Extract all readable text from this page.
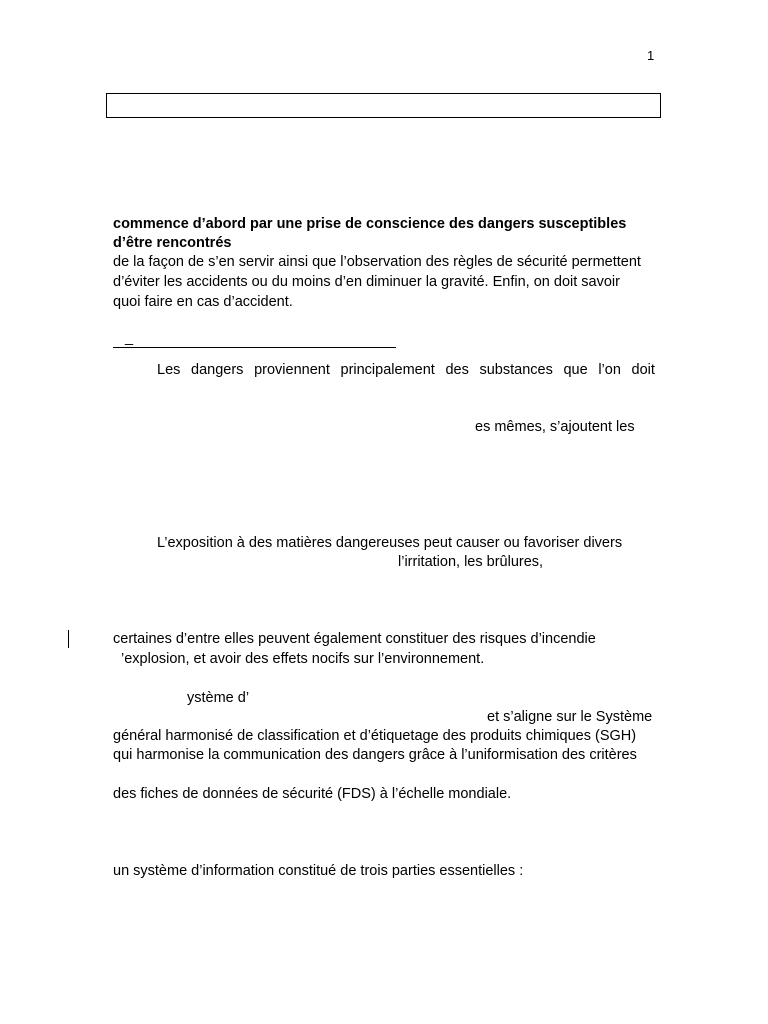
1
commence d’abord par une prise de conscience des dangers susceptibles
d’être rencontrés
de la façon de s’en servir ainsi que l’observation des règles de sécurité permettent
d’éviter les accidents ou du moins d’en diminuer la gravité. Enfin, on doit savoir
quoi faire en cas d’accident.
_
Les dangers proviennent principalement des substances que l’on doit
es mêmes, s’ajoutent les
L’exposition à des matières dangereuses peut causer ou favoriser divers
l’irritation, les brûlures,
certaines d’entre elles peuvent également constituer des risques d’incendie
’explosion, et avoir des effets nocifs sur l’environnement.
ystème d’
et s’aligne sur le Système
général harmonisé de classification et d’étiquetage des produits chimiques (SGH)
qui harmonise la communication des dangers grâce à l’uniformisation des critères
des fiches de données de sécurité (FDS) à l’échelle mondiale.
un système d’information constitué de trois parties essentielles :
